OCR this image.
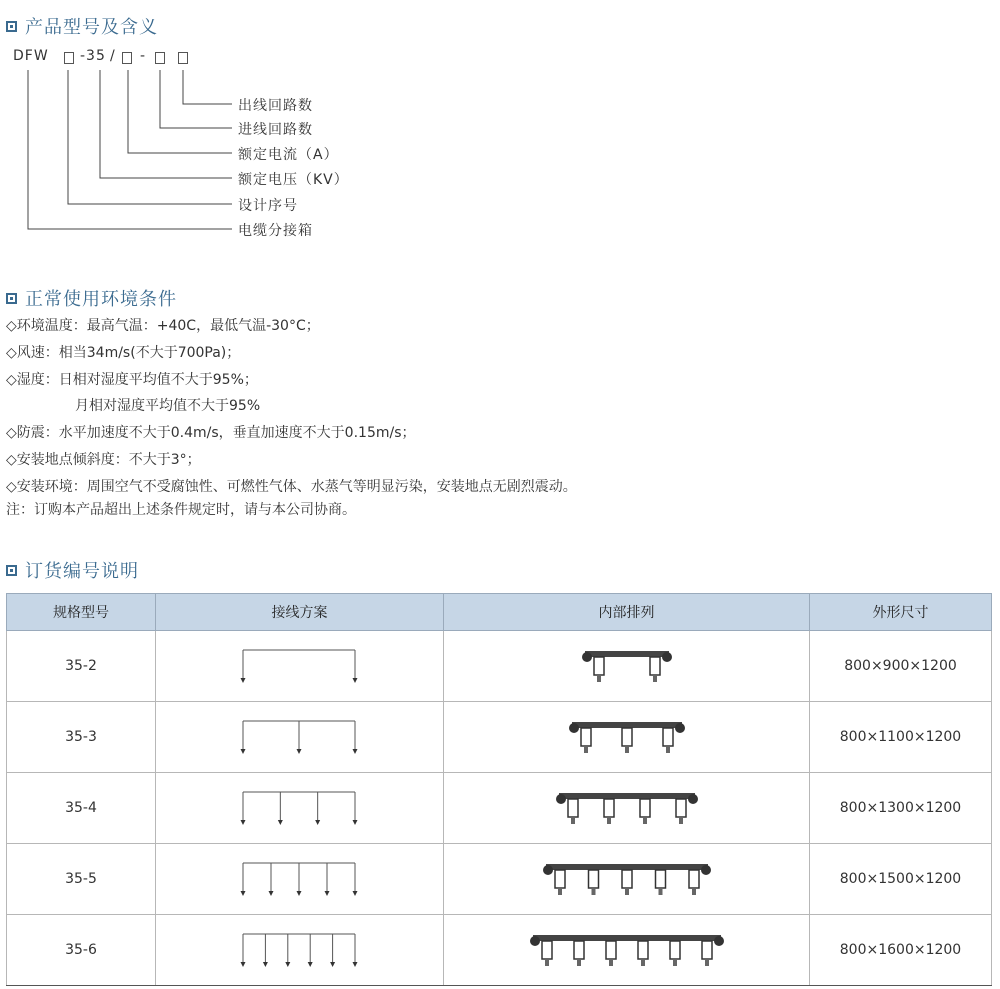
产品型号及含义
DFW -35 / -
出线回路数
进线回路数
额定电流（A）
额定电压（KV）
设计序号
电缆分接箱
正常使用环境条件
◇环境温度：最高气温：+40C，最低气温-30°C；
◇风速：相当34m/s(不大于700Pa)；
◇湿度：日相对湿度平均值不大于95%；
月相对湿度平均值不大于95%
◇防震：水平加速度不大于0.4m/s，垂直加速度不大于0.15m/s；
◇安装地点倾斜度：不大于3°；
◇安装环境：周围空气不受腐蚀性、可燃性气体、水蒸气等明显污染，安装地点无剧烈震动。
注：订购本产品超出上述条件规定时，请与本公司协商。
订货编号说明
规格型号	接线方案	内部排列	外形尺寸
35-2			800×900×1200
35-3			800×1100×1200
35-4			800×1300×1200
35-5			800×1500×1200
35-6			800×1600×1200
